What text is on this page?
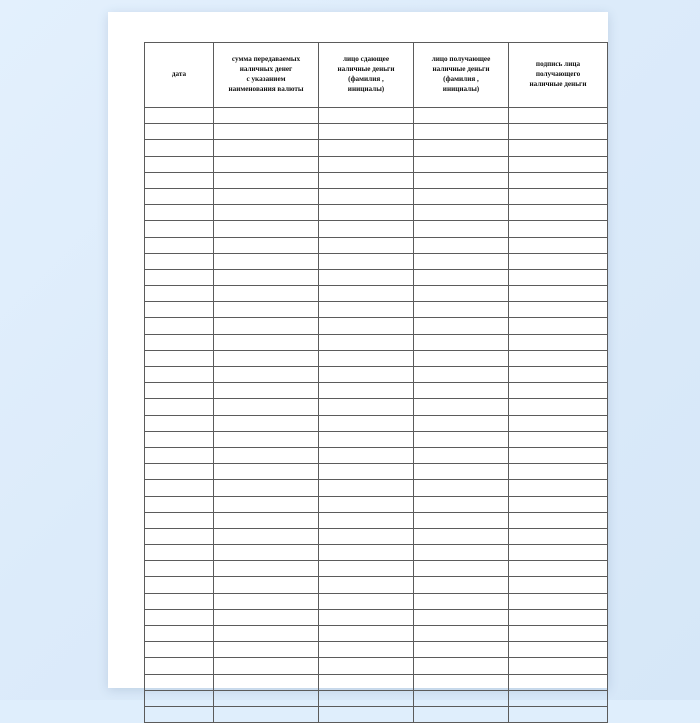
дата	сумма передаваемых
наличных денег
с указанием
наименования валюты	лицо сдающее
наличные деньги
(фамилия ,
инициалы)	лицо получающее
наличные деньги
(фамилия ,
инициалы)	подпись лица
получающего
наличные деньги
